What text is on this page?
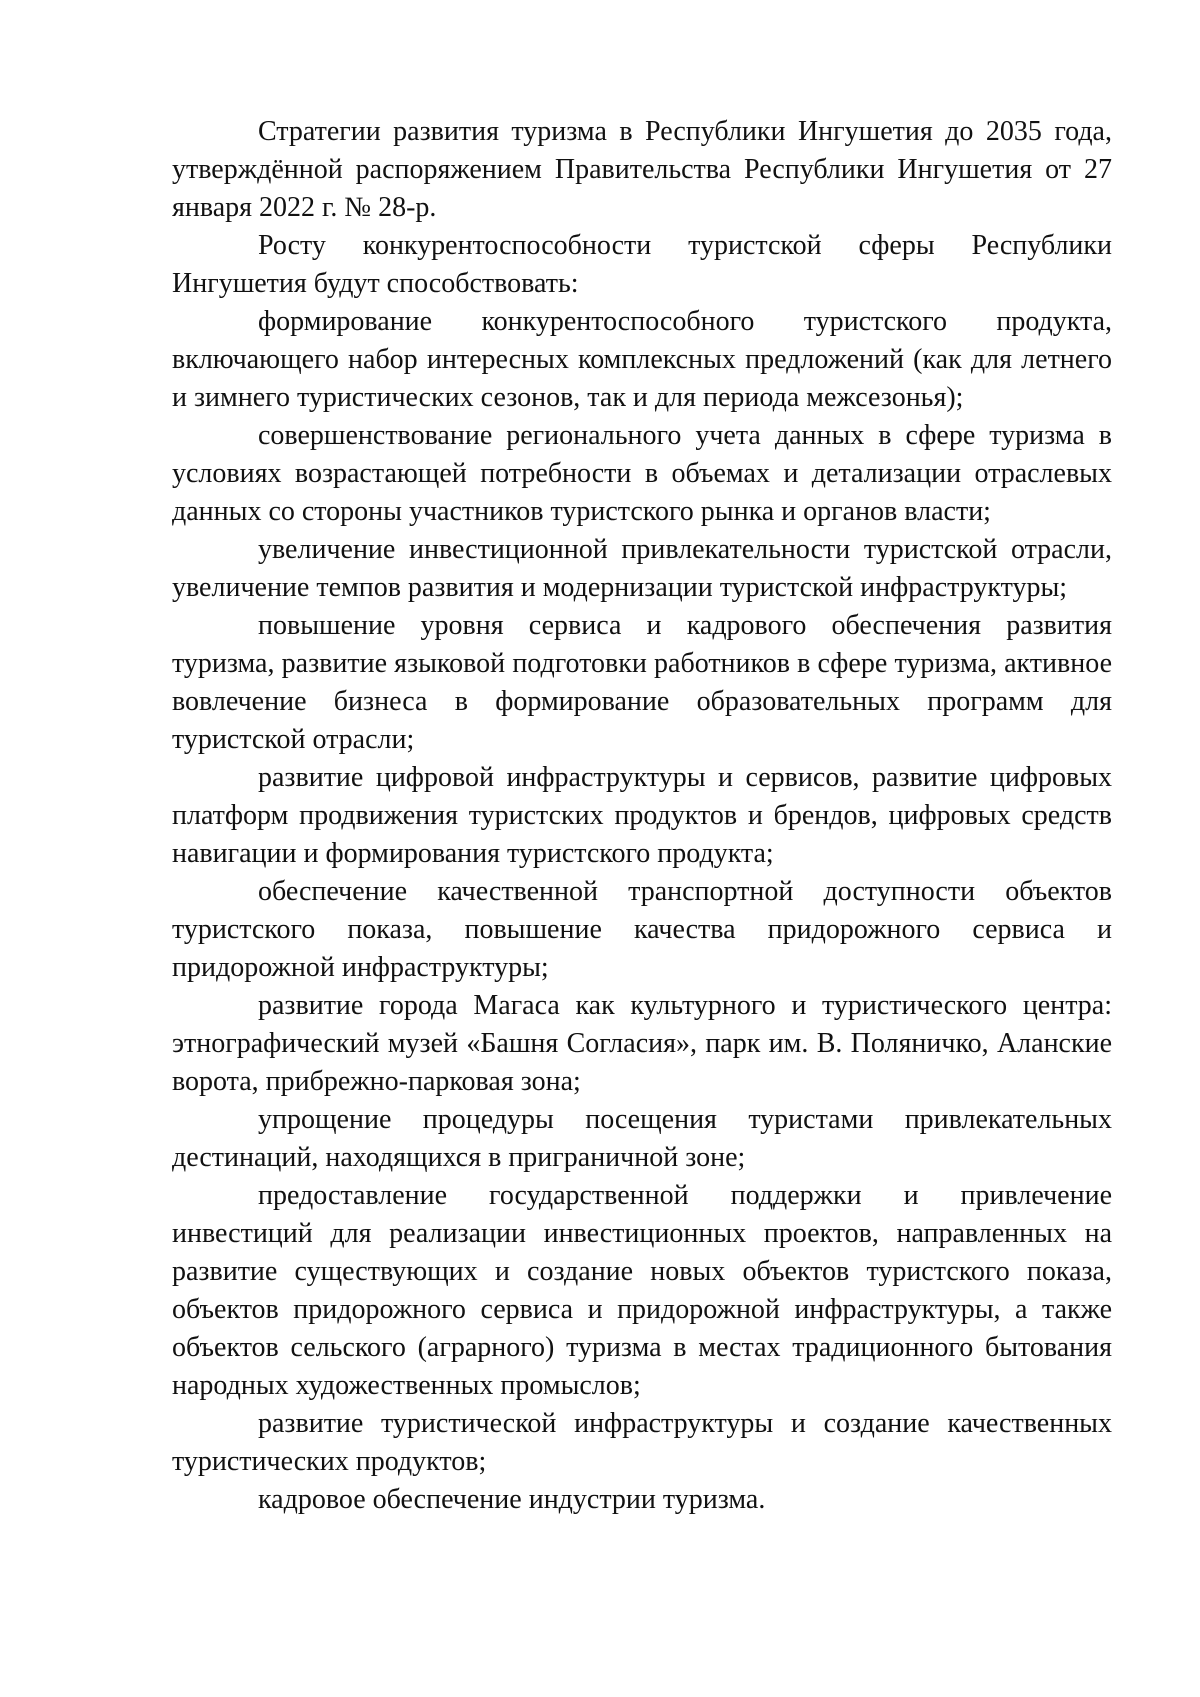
Стратегии развития туризма в Республики Ингушетия до 2035 года, утверждённой распоряжением Правительства Республики Ингушетия от 27 января 2022 г. № 28-р.

Росту конкурентоспособности туристской сферы Республики Ингушетия будут способствовать:

формирование конкурентоспособного туристского продукта, включающего набор интересных комплексных предложений (как для летнего и зимнего туристических сезонов, так и для периода межсезонья);

совершенствование регионального учета данных в сфере туризма в условиях возрастающей потребности в объемах и детализации отраслевых данных со стороны участников туристского рынка и органов власти;

увеличение инвестиционной привлекательности туристской отрасли, увеличение темпов развития и модернизации туристской инфраструктуры;

повышение уровня сервиса и кадрового обеспечения развития туризма, развитие языковой подготовки работников в сфере туризма, активное вовлечение бизнеса в формирование образовательных программ для туристской отрасли;

развитие цифровой инфраструктуры и сервисов, развитие цифровых платформ продвижения туристских продуктов и брендов, цифровых средств навигации и формирования туристского продукта;

обеспечение качественной транспортной доступности объектов туристского показа, повышение качества придорожного сервиса и придорожной инфраструктуры;

развитие города Магаса как культурного и туристического центра: этнографический музей «Башня Согласия», парк им. В. Поляничко, Аланские ворота, прибрежно-парковая зона;

упрощение процедуры посещения туристами привлекательных дестинаций, находящихся в приграничной зоне;

предоставление государственной поддержки и привлечение инвестиций для реализации инвестиционных проектов, направленных на развитие существующих и создание новых объектов туристского показа, объектов придорожного сервиса и придорожной инфраструктуры, а также объектов сельского (аграрного) туризма в местах традиционного бытования народных художественных промыслов;

развитие туристической инфраструктуры и создание качественных туристических продуктов;

кадровое обеспечение индустрии туризма.
